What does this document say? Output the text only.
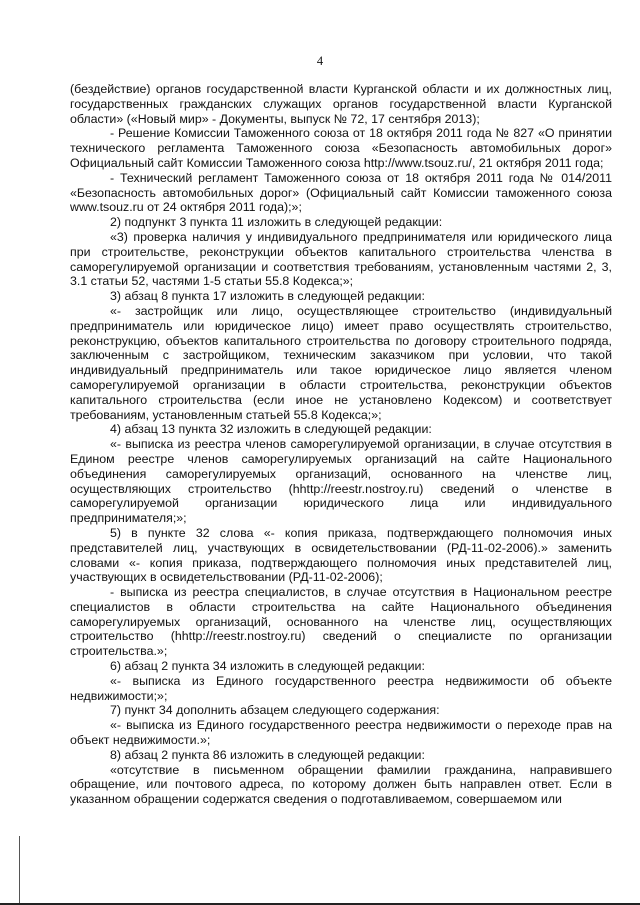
4

(бездействие) органов государственной власти Курганской области и их должностных лиц, государственных гражданских служащих органов государственной власти Курганской области» («Новый мир» - Документы, выпуск № 72, 17 сентября 2013);

- Решение Комиссии Таможенного союза от 18 октября 2011 года № 827 «О принятии технического регламента Таможенного союза «Безопасность автомобильных дорог» Официальный сайт Комиссии Таможенного союза http://www.tsouz.ru/, 21 октября 2011 года;

- Технический регламент Таможенного союза от 18 октября 2011 года № 014/2011 «Безопасность автомобильных дорог» (Официальный сайт Комиссии таможенного союза www.tsouz.ru от 24 октября 2011 года);»;

2) подпункт 3 пункта 11 изложить в следующей редакции:

«3) проверка наличия у индивидуального предпринимателя или юридического лица при строительстве, реконструкции объектов капитального строительства членства в саморегулируемой организации и соответствия требованиям, установленным частями 2, 3, 3.1 статьи 52, частями 1-5 статьи 55.8 Кодекса;»;

3) абзац 8 пункта 17 изложить в следующей редакции:

«- застройщик или лицо, осуществляющее строительство (индивидуальный предприниматель или юридическое лицо) имеет право осуществлять строительство, реконструкцию, объектов капитального строительства по договору строительного подряда, заключенным с застройщиком, техническим заказчиком при условии, что такой индивидуальный предприниматель или такое юридическое лицо является членом саморегулируемой организации в области строительства, реконструкции объектов капитального строительства (если иное не установлено Кодексом) и соответствует требованиям, установленным статьей 55.8 Кодекса;»;

4) абзац 13 пункта 32 изложить в следующей редакции:

«- выписка из реестра членов саморегулируемой организации, в случае отсутствия в Едином реестре членов саморегулируемых организаций на сайте Национального объединения саморегулируемых организаций, основанного на членстве лиц, осуществляющих строительство (hhttp://reestr.nostroy.ru) сведений о членстве в саморегулируемой организации юридического лица или индивидуального предпринимателя;»;

5) в пункте 32 слова «- копия приказа, подтверждающего полномочия иных представителей лиц, участвующих в освидетельствовании (РД-11-02-2006).» заменить словами «- копия приказа, подтверждающего полномочия иных представителей лиц, участвующих в освидетельствовании (РД-11-02-2006);

- выписка из реестра специалистов, в случае отсутствия в Национальном реестре специалистов в области строительства на сайте Национального объединения саморегулируемых организаций, основанного на членстве лиц, осуществляющих строительство (hhttp://reestr.nostroy.ru) сведений о специалисте по организации строительства.»;

6) абзац 2 пункта 34 изложить в следующей редакции:

«- выписка из Единого государственного реестра недвижимости об объекте недвижимости;»;

7) пункт 34 дополнить абзацем следующего содержания:

«- выписка из Единого государственного реестра недвижимости о переходе прав на объект недвижимости.»;

8) абзац 2 пункта 86 изложить в следующей редакции:

«отсутствие в письменном обращении фамилии гражданина, направившего обращение, или почтового адреса, по которому должен быть направлен ответ. Если в указанном обращении содержатся сведения о подготавливаемом, совершаемом или
